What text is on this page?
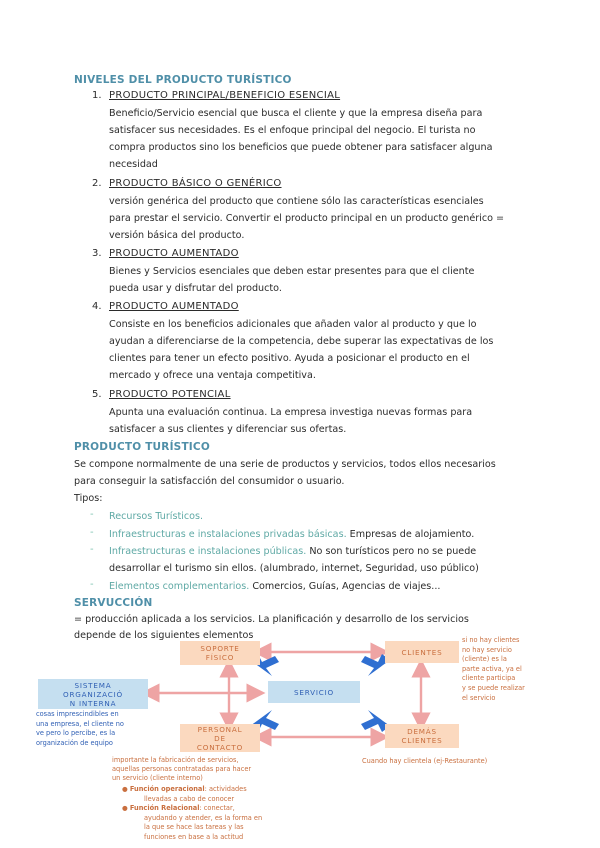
NIVELES DEL PRODUCTO TURÍSTICO
1. PRODUCTO PRINCIPAL/BENEFICIO ESENCIAL
Beneficio/Servicio esencial que busca el cliente y que la empresa diseña para
satisfacer sus necesidades. Es el enfoque principal del negocio. El turista no
compra productos sino los beneficios que puede obtener para satisfacer alguna
necesidad
2. PRODUCTO BÁSICO O GENÉRICO
versión genérica del producto que contiene sólo las características esenciales
para prestar el servicio. Convertir el producto principal en un producto genérico =
versión básica del producto.
3. PRODUCTO AUMENTADO
Bienes y Servicios esenciales que deben estar presentes para que el cliente
pueda usar y disfrutar del producto.
4. PRODUCTO AUMENTADO
Consiste en los beneficios adicionales que añaden valor al producto y que lo
ayudan a diferenciarse de la competencia, debe superar las expectativas de los
clientes para tener un efecto positivo. Ayuda a posicionar el producto en el
mercado y ofrece una ventaja competitiva.
5. PRODUCTO POTENCIAL
Apunta una evaluación continua. La empresa investiga nuevas formas para
satisfacer a sus clientes y diferenciar sus ofertas.
PRODUCTO TURÍSTICO
Se compone normalmente de una serie de productos y servicios, todos ellos necesarios
para conseguir la satisfacción del consumidor o usuario.
Tipos:
- Recursos Turísticos.
- Infraestructuras e instalaciones privadas básicas. Empresas de alojamiento.
- Infraestructuras e instalaciones públicas. No son turísticos pero no se puede
desarrollar el turismo sin ellos. (alumbrado, internet, Seguridad, uso público)
- Elementos complementarios. Comercios, Guías, Agencias de viajes...
SERVUCCIÓN
= producción aplicada a los servicios. La planificación y desarrollo de los servicios
depende de los siguientes elementos
SOPORTE
FÍSICO
CLIENTES
SERVICIO
SISTEMA
ORGANIZACIÓ
N INTERNA
PERSONAL
DE
CONTACTO
DEMÁS
CLIENTES
si no hay clientes
no hay servicio
(cliente) es la
parte activa, ya el
cliente participa
y se puede realizar
el servicio
cosas imprescindibles en
una empresa, el cliente no
ve pero lo percibe, es la
organización de equipo
Cuando hay clientela (ej-Restaurante)
importante la fabricación de servicios,
aquellas personas contratadas para hacer
un servicio (cliente interno)
● Función operacional: actividades
llevadas a cabo de conocer
● Función Relacional: conectar,

ayudando y atender, es la forma en
la que se hace las tareas y las
funciones en base a la actitud
